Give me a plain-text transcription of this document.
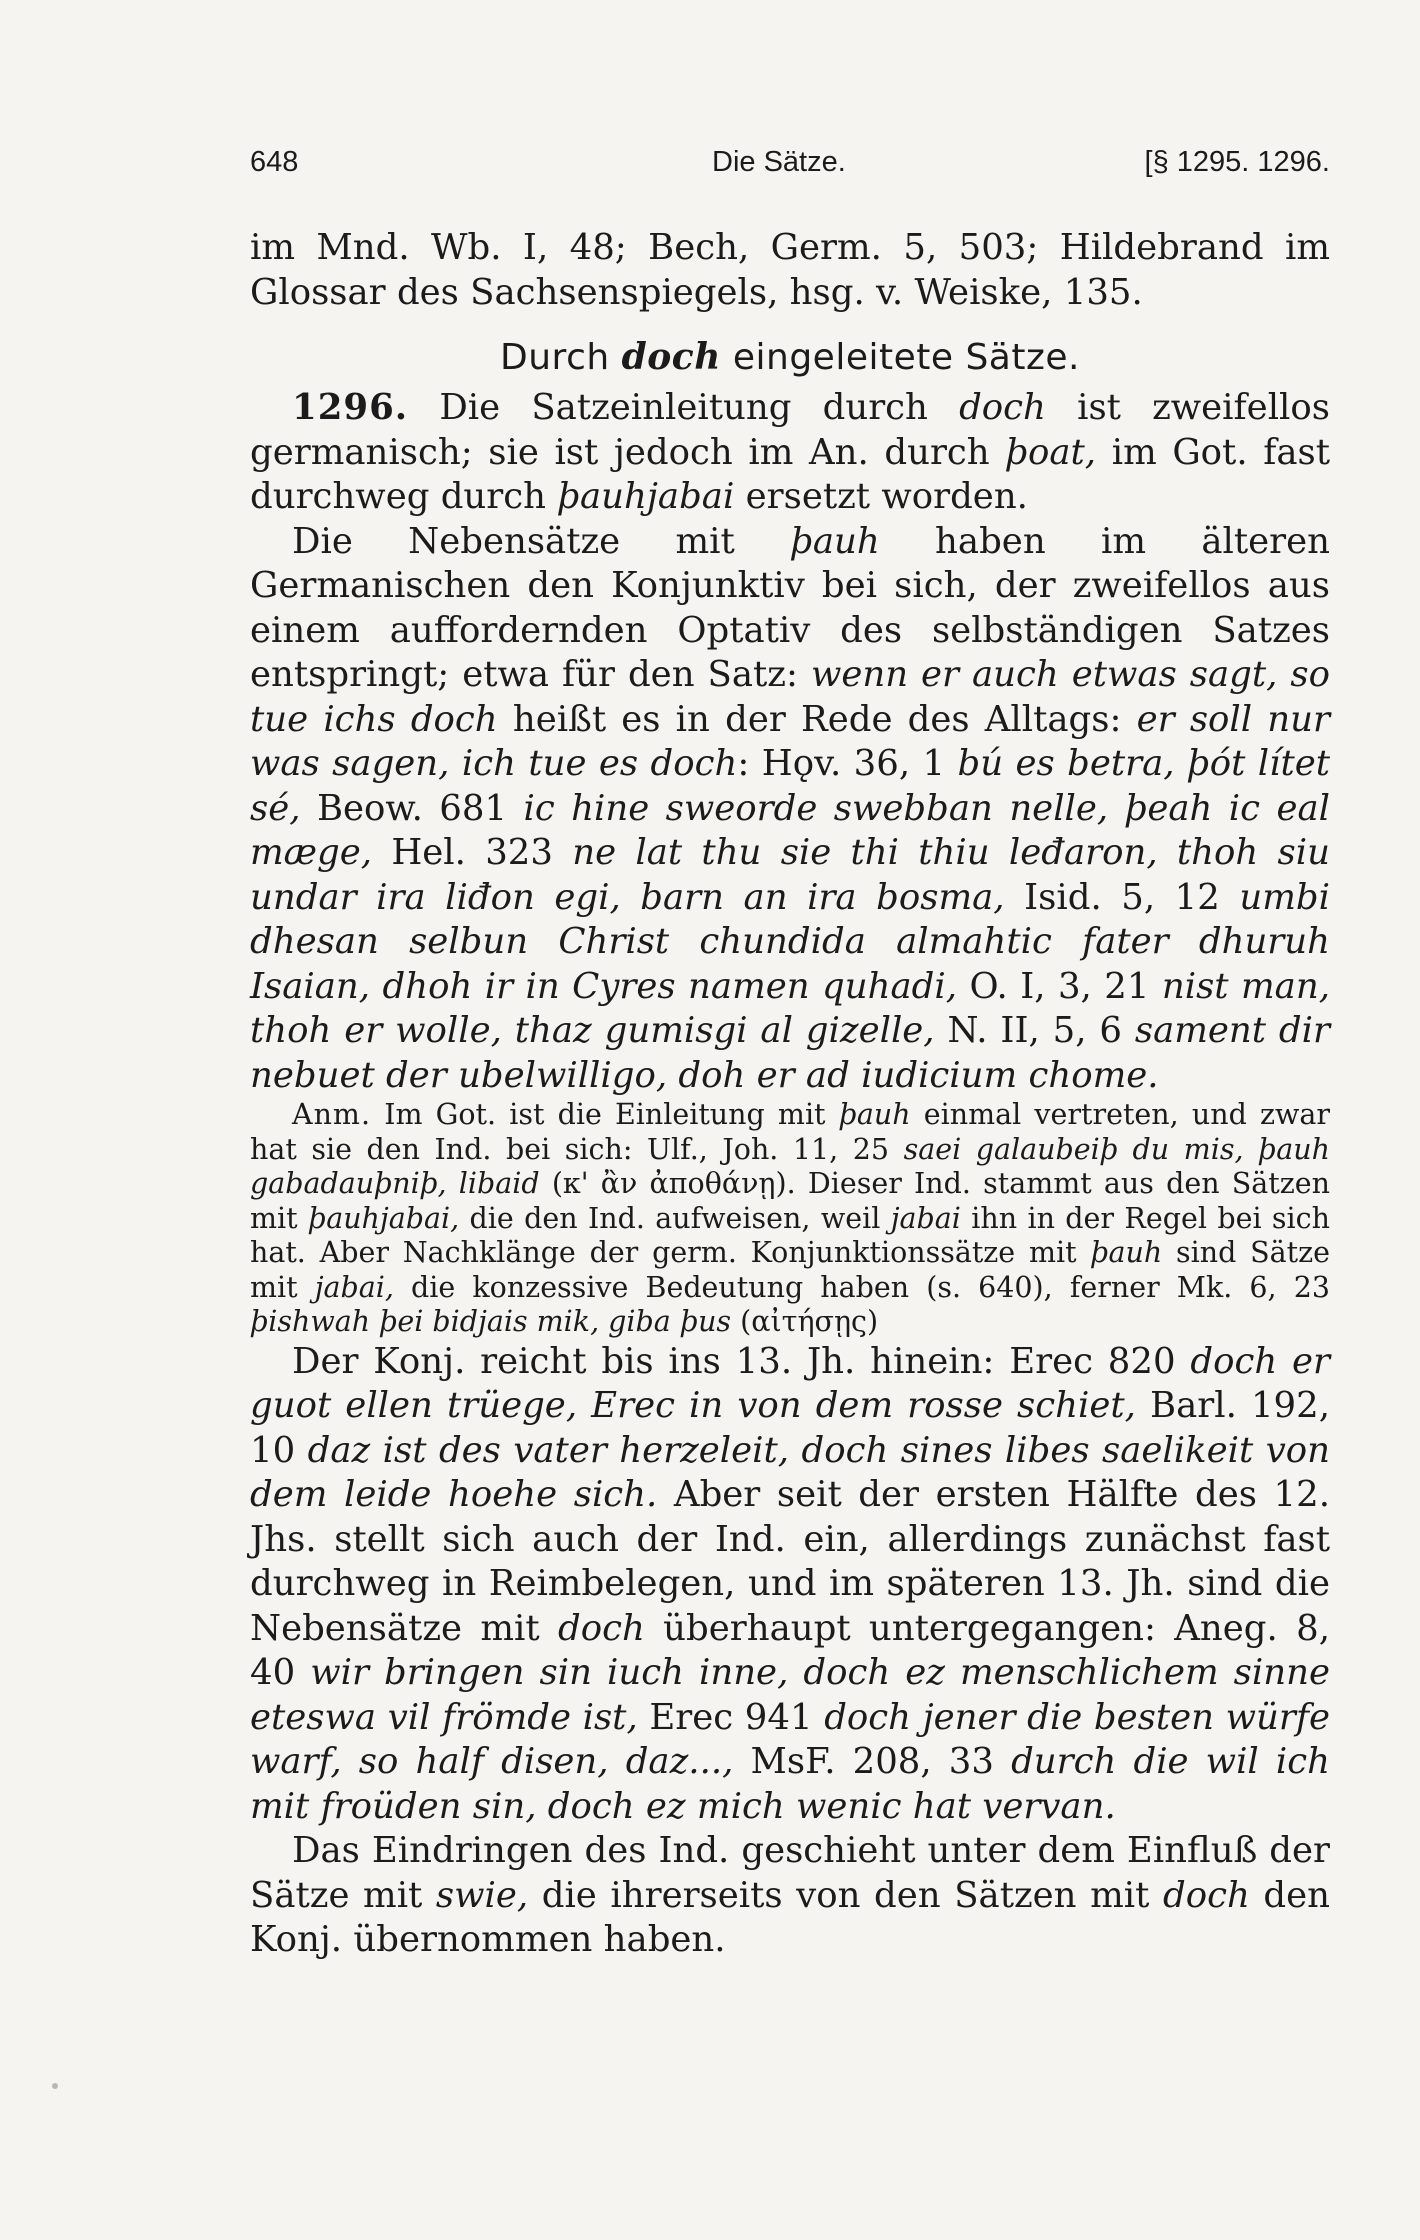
648	Die Sätze.	[§ 1295. 1296.

im Mnd. Wb. I, 48; Bech, Germ. 5, 503; Hildebrand im Glossar des Sachsenspiegels, hsg. v. Weiske, 135.

Durch doch eingeleitete Sätze.

1296. Die Satzeinleitung durch doch ist zweifellos germanisch; sie ist jedoch im An. durch þoat, im Got. fast durchweg durch þauhjabai ersetzt worden.

Die Nebensätze mit þauh haben im älteren Germanischen den Konjunktiv bei sich, der zweifellos aus einem auffordernden Optativ des selbständigen Satzes entspringt; etwa für den Satz: wenn er auch etwas sagt, so tue ichs doch heißt es in der Rede des Alltags: er soll nur was sagen, ich tue es doch: Hǫv. 36, 1 bú es betra, þót lítet sé, Beow. 681 ic hine sweorde swebban nelle, þeah ic eal mæge, Hel. 323 ne lat thu sie thi thiu leđaron, thoh siu undar ira liđon egi, barn an ira bosma, Isid. 5, 12 umbi dhesan selbun Christ chundida almahtic fater dhuruh Isaian, dhoh ir in Cyres namen quhadi, O. I, 3, 21 nist man, thoh er wolle, thaz gumisgi al gizelle, N. II, 5, 6 sament dir nebuet der ubelwilligo, doh er ad iudicium chome.

Anm. Im Got. ist die Einleitung mit þauh einmal vertreten, und zwar hat sie den Ind. bei sich: Ulf., Joh. 11, 25 saei galaubeiþ du mis, þauh gabadauþniþ, libaid (κ' ἂν ἀποθάνῃ). Dieser Ind. stammt aus den Sätzen mit þauhjabai, die den Ind. aufweisen, weil jabai ihn in der Regel bei sich hat. Aber Nachklänge der germ. Konjunktionssätze mit þauh sind Sätze mit jabai, die konzessive Bedeutung haben (s. 640), ferner Mk. 6, 23 þishwah þei bidjais mik, giba þus (αἰτήσῃς)

Der Konj. reicht bis ins 13. Jh. hinein: Erec 820 doch er guot ellen trüege, Erec in von dem rosse schiet, Barl. 192, 10 daz ist des vater herzeleit, doch sines libes saelikeit von dem leide hoehe sich. Aber seit der ersten Hälfte des 12. Jhs. stellt sich auch der Ind. ein, allerdings zunächst fast durchweg in Reimbelegen, und im späteren 13. Jh. sind die Nebensätze mit doch überhaupt untergegangen: Aneg. 8, 40 wir bringen sin iuch inne, doch ez menschlichem sinne eteswa vil frömde ist, Erec 941 doch jener die besten würfe warf, so half disen, daz..., MsF. 208, 33 durch die wil ich mit froüden sin, doch ez mich wenic hat vervan.

Das Eindringen des Ind. geschieht unter dem Einfluß der Sätze mit swie, die ihrerseits von den Sätzen mit doch den Konj. übernommen haben.
